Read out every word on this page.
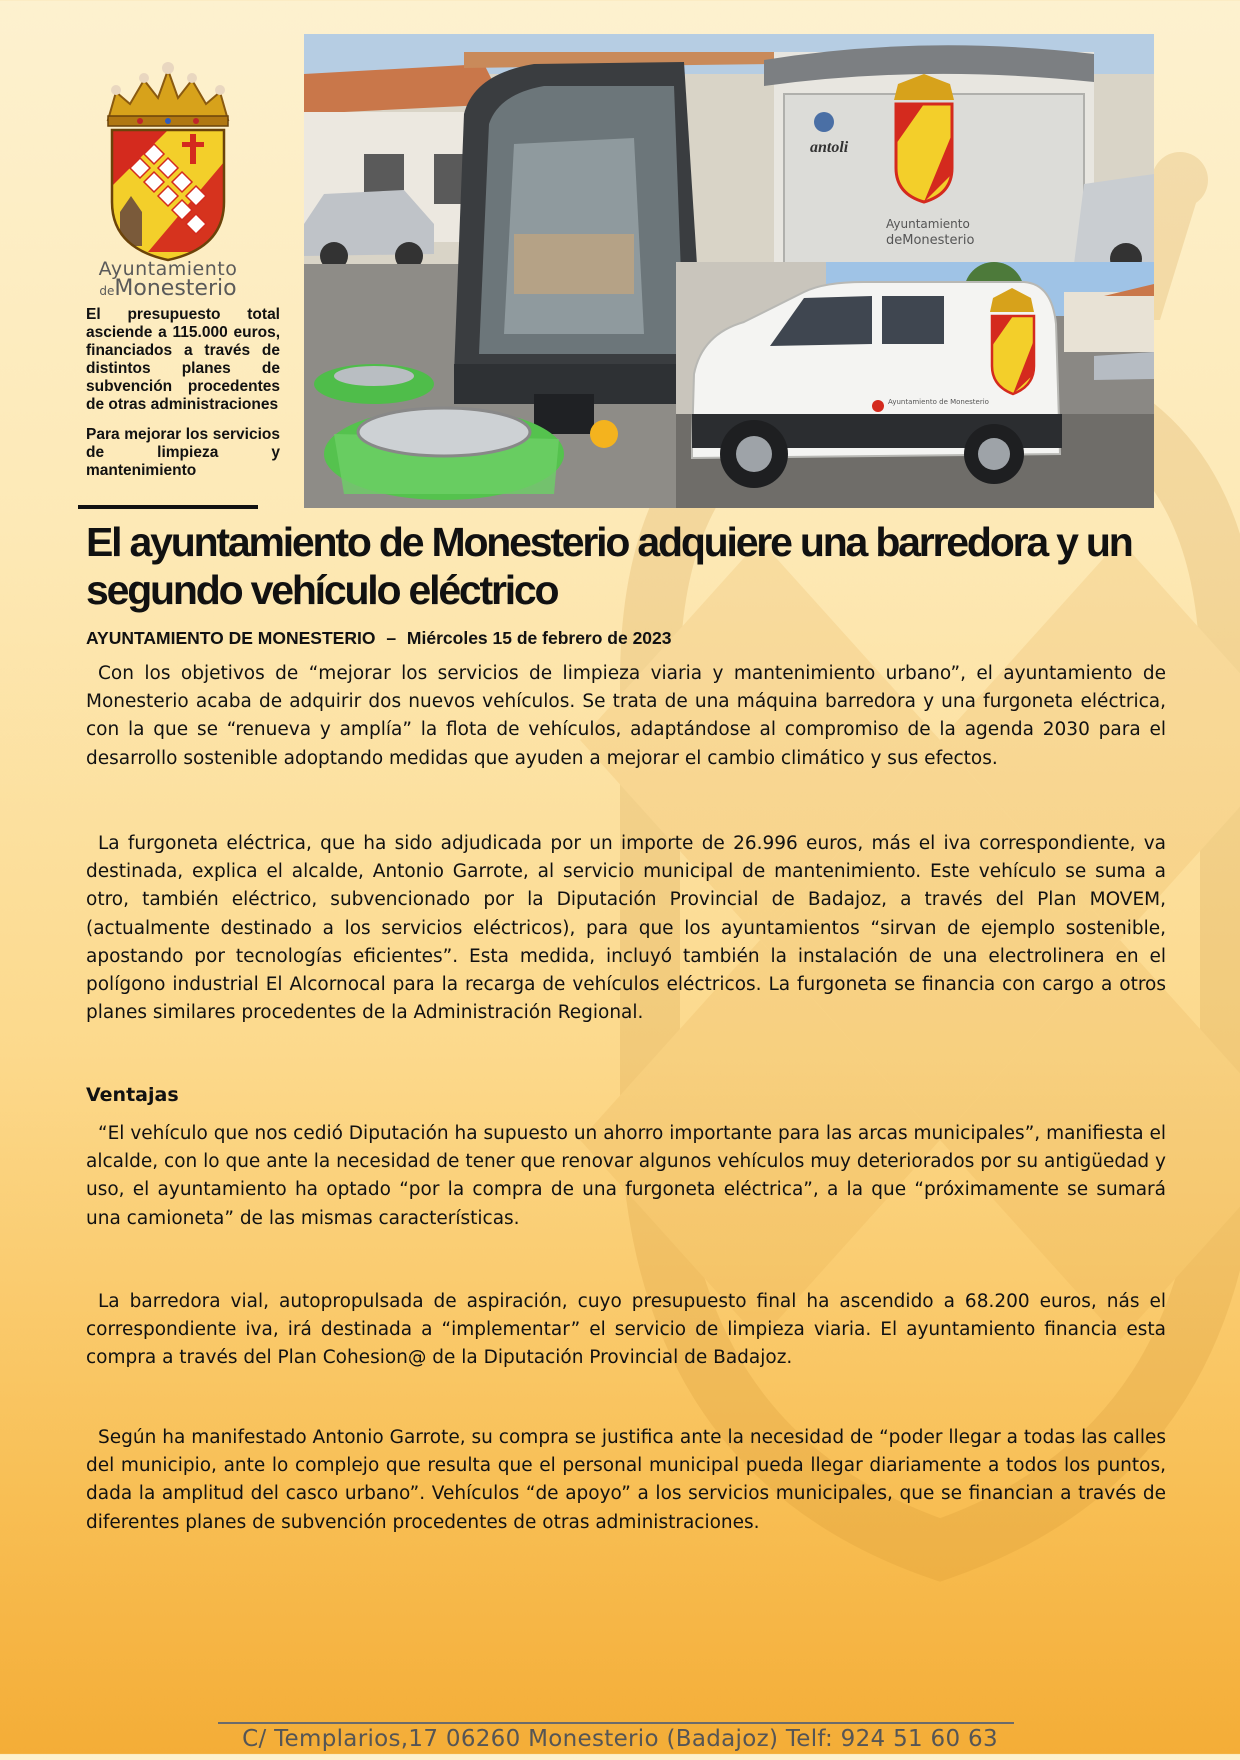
Ayuntamiento
deMonesterio

El presupuesto total asciende a 115.000 euros, financiados a través de distintos planes de subvención procedentes de otras administraciones

Para mejorar los servicios de limpieza y mantenimiento

antoli
Ayuntamiento
deMonesterio
Ayuntamiento de Monesterio
El ayuntamiento de Monesterio adquiere una barredora y un segundo vehículo eléctrico
AYUNTAMIENTO DE MONESTERIO – Miércoles 15 de febrero de 2023

Con los objetivos de “mejorar los servicios de limpieza viaria y mantenimiento urbano”, el ayuntamiento de Monesterio acaba de adquirir dos nuevos vehículos. Se trata de una máquina barredora y una furgoneta eléctrica, con la que se “renueva y amplía” la flota de vehículos, adaptándose al compromiso de la agenda 2030 para el desarrollo sostenible adoptando medidas que ayuden a mejorar el cambio climático y sus efectos.

La furgoneta eléctrica, que ha sido adjudicada por un importe de 26.996 euros, más el iva correspondiente, va destinada, explica el alcalde, Antonio Garrote, al servicio municipal de mantenimiento. Este vehículo se suma a otro, también eléctrico, subvencionado por la Diputación Provincial de Badajoz, a través del Plan MOVEM, (actualmente destinado a los servicios eléctricos), para que los ayuntamientos “sirvan de ejemplo sostenible, apostando por tecnologías eficientes”. Esta medida, incluyó también la instalación de una electrolinera en el polígono industrial El Alcornocal para la recarga de vehículos eléctricos. La furgoneta se financia con cargo a otros planes similares procedentes de la Administración Regional.

Ventajas

“El vehículo que nos cedió Diputación ha supuesto un ahorro importante para las arcas municipales”, manifiesta el alcalde, con lo que ante la necesidad de tener que renovar algunos vehículos muy deteriorados por su antigüedad y uso, el ayuntamiento ha optado “por la compra de una furgoneta eléctrica”, a la que “próximamente se sumará una camioneta” de las mismas características.

La barredora vial, autopropulsada de aspiración, cuyo presupuesto final ha ascendido a 68.200 euros, nás el correspondiente iva, irá destinada a “implementar” el servicio de limpieza viaria. El ayuntamiento financia esta compra a través del Plan Cohesion@ de la Diputación Provincial de Badajoz.

Según ha manifestado Antonio Garrote, su compra se justifica ante la necesidad de “poder llegar a todas las calles del municipio, ante lo complejo que resulta que el personal municipal pueda llegar diariamente a todos los puntos, dada la amplitud del casco urbano”. Vehículos “de apoyo” a los servicios municipales, que se financian a través de diferentes planes de subvención procedentes de otras administraciones.

C/ Templarios,17 06260 Monesterio (Badajoz) Telf: 924 51 60 63
